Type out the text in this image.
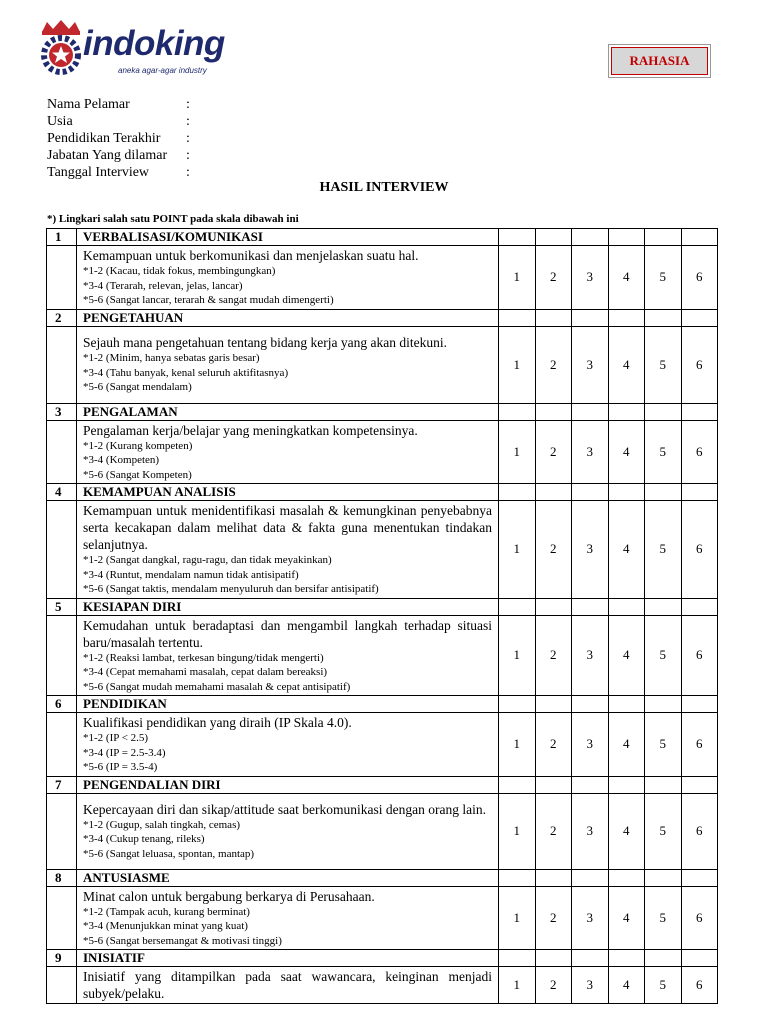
indoking
aneka agar-agar industry
RAHASIA
Nama Pelamar	:
Usia	:
Pendidikan Terakhir	:
Jabatan Yang dilamar	:
Tanggal Interview	:
HASIL INTERVIEW
*) Lingkari salah satu POINT pada skala dibawah ini
1	VERBALISASI/KOMUNIKASI						

	Kemampuan untuk berkomunikasi dan menjelaskan suatu hal.
*1-2 (Kacau, tidak fokus, membingungkan)
*3-4 (Terarah, relevan, jelas, lancar)
*5-6 (Sangat lancar, terarah & sangat mudah dimengerti)	1	2	3	4	5	6
2	PENGETAHUAN						

	Sejauh mana pengetahuan tentang bidang kerja yang akan ditekuni.
*1-2 (Minim, hanya sebatas garis besar)
*3-4 (Tahu banyak, kenal seluruh aktifitasnya)
*5-6 (Sangat mendalam)	1	2	3	4	5	6
3	PENGALAMAN						

	Pengalaman kerja/belajar yang meningkatkan kompetensinya.
*1-2 (Kurang kompeten)
*3-4 (Kompeten)
*5-6 (Sangat Kompeten)	1	2	3	4	5	6
4	KEMAMPUAN ANALISIS						

	Kemampuan untuk menidentifikasi masalah & kemungkinan penyebabnya serta kecakapan dalam melihat data & fakta guna menentukan tindakan selanjutnya.
*1-2 (Sangat dangkal, ragu-ragu, dan tidak meyakinkan)
*3-4 (Runtut, mendalam namun tidak antisipatif)
*5-6 (Sangat taktis, mendalam menyuluruh dan bersifar antisipatif)	1	2	3	4	5	6
5	KESIAPAN DIRI						

	Kemudahan untuk beradaptasi dan mengambil langkah terhadap situasi baru/masalah tertentu.
*1-2 (Reaksi lambat, terkesan bingung/tidak mengerti)
*3-4 (Cepat memahami masalah, cepat dalam bereaksi)
*5-6 (Sangat mudah memahami masalah & cepat antisipatif)	1	2	3	4	5	6
6	PENDIDIKAN						

	Kualifikasi pendidikan yang diraih (IP Skala 4.0).
*1-2 (IP < 2.5)
*3-4 (IP = 2.5-3.4)
*5-6 (IP = 3.5-4)	1	2	3	4	5	6
7	PENGENDALIAN DIRI						

	Kepercayaan diri dan sikap/attitude saat berkomunikasi dengan orang lain.
*1-2 (Gugup, salah tingkah, cemas)
*3-4 (Cukup tenang, rileks)
*5-6 (Sangat leluasa, spontan, mantap)	1	2	3	4	5	6
8	ANTUSIASME						

	Minat calon untuk bergabung berkarya di Perusahaan.
*1-2 (Tampak acuh, kurang berminat)
*3-4 (Menunjukkan minat yang kuat)
*5-6 (Sangat bersemangat & motivasi tinggi)	1	2	3	4	5	6
9	INISIATIF						

	Inisiatif yang ditampilkan pada saat wawancara, keinginan menjadi subyek/pelaku.	1	2	3	4	5	6
